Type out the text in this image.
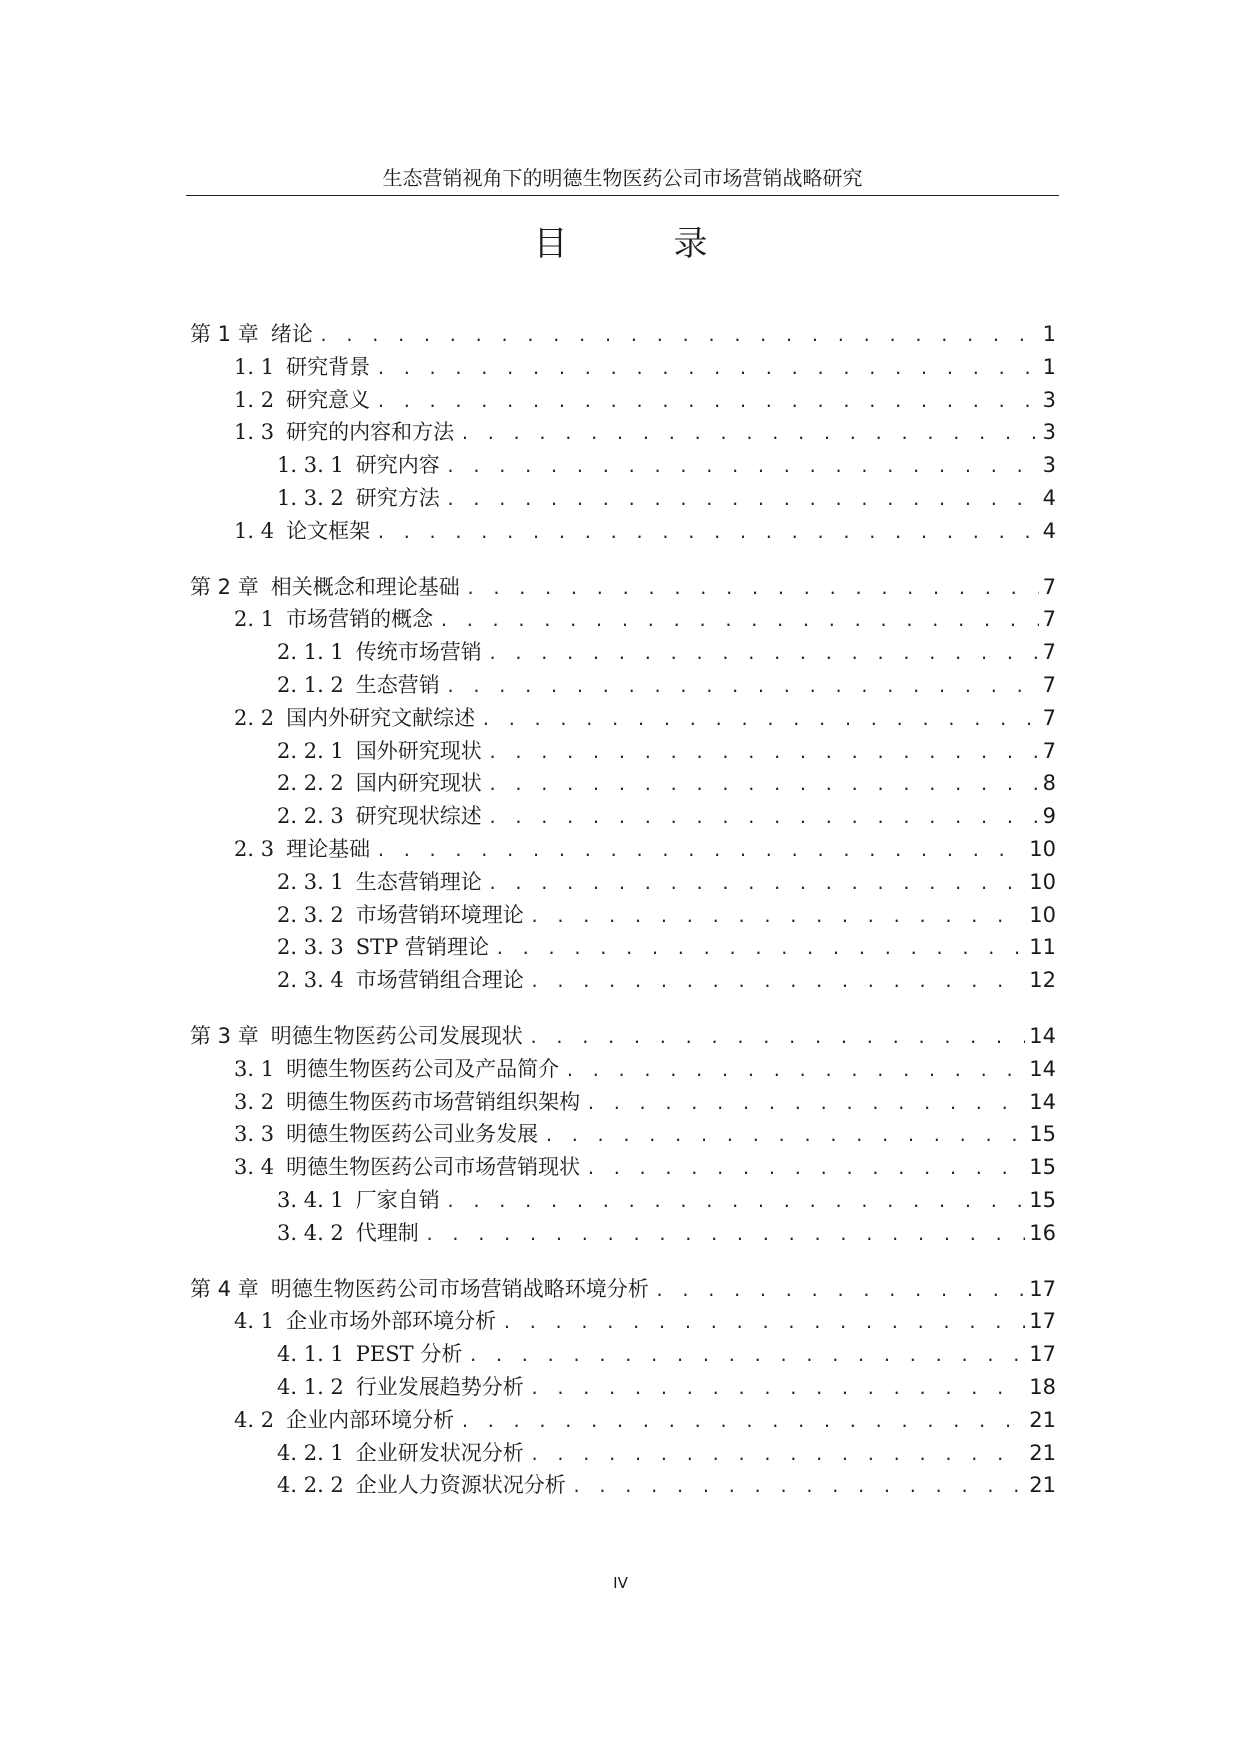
生态营销视角下的明德生物医药公司市场营销战略研究
目　录
第 1 章 绪论 . . .	1
1. 1 研究背景 . . .	1
1. 2 研究意义 . . .	3
1. 3 研究的内容和方法 . . .	3
1. 3. 1 研究内容 . . .	3
1. 3. 2 研究方法 . . .	4
1. 4 论文框架 . . .	4
第 2 章 相关概念和理论基础 . . .	7
2. 1 市场营销的概念 . . .	7
2. 1. 1 传统市场营销 . . .	7
2. 1. 2 生态营销 . . .	7
2. 2 国内外研究文献综述 . . .	7
2. 2. 1 国外研究现状 . . .	7
2. 2. 2 国内研究现状 . . .	8
2. 2. 3 研究现状综述 . . .	9
2. 3 理论基础 . . .	10
2. 3. 1 生态营销理论 . . .	10
2. 3. 2 市场营销环境理论 . . .	10
2. 3. 3 STP 营销理论 . . .	11
2. 3. 4 市场营销组合理论 . . .	12
第 3 章 明德生物医药公司发展现状 . . .	14
3. 1 明德生物医药公司及产品简介 . . .	14
3. 2 明德生物医药市场营销组织架构 . . .	14
3. 3 明德生物医药公司业务发展 . . .	15
3. 4 明德生物医药公司市场营销现状 . . .	15
3. 4. 1 厂家自销 . . .	15
3. 4. 2 代理制 . . .	16
第 4 章 明德生物医药公司市场营销战略环境分析 . . .	17
4. 1 企业市场外部环境分析 . . .	17
4. 1. 1 PEST 分析 . . .	17
4. 1. 2 行业发展趋势分析 . . .	18
4. 2 企业内部环境分析 . . .	21
4. 2. 1 企业研发状况分析 . . .	21
4. 2. 2 企业人力资源状况分析 . . .	21
IV
